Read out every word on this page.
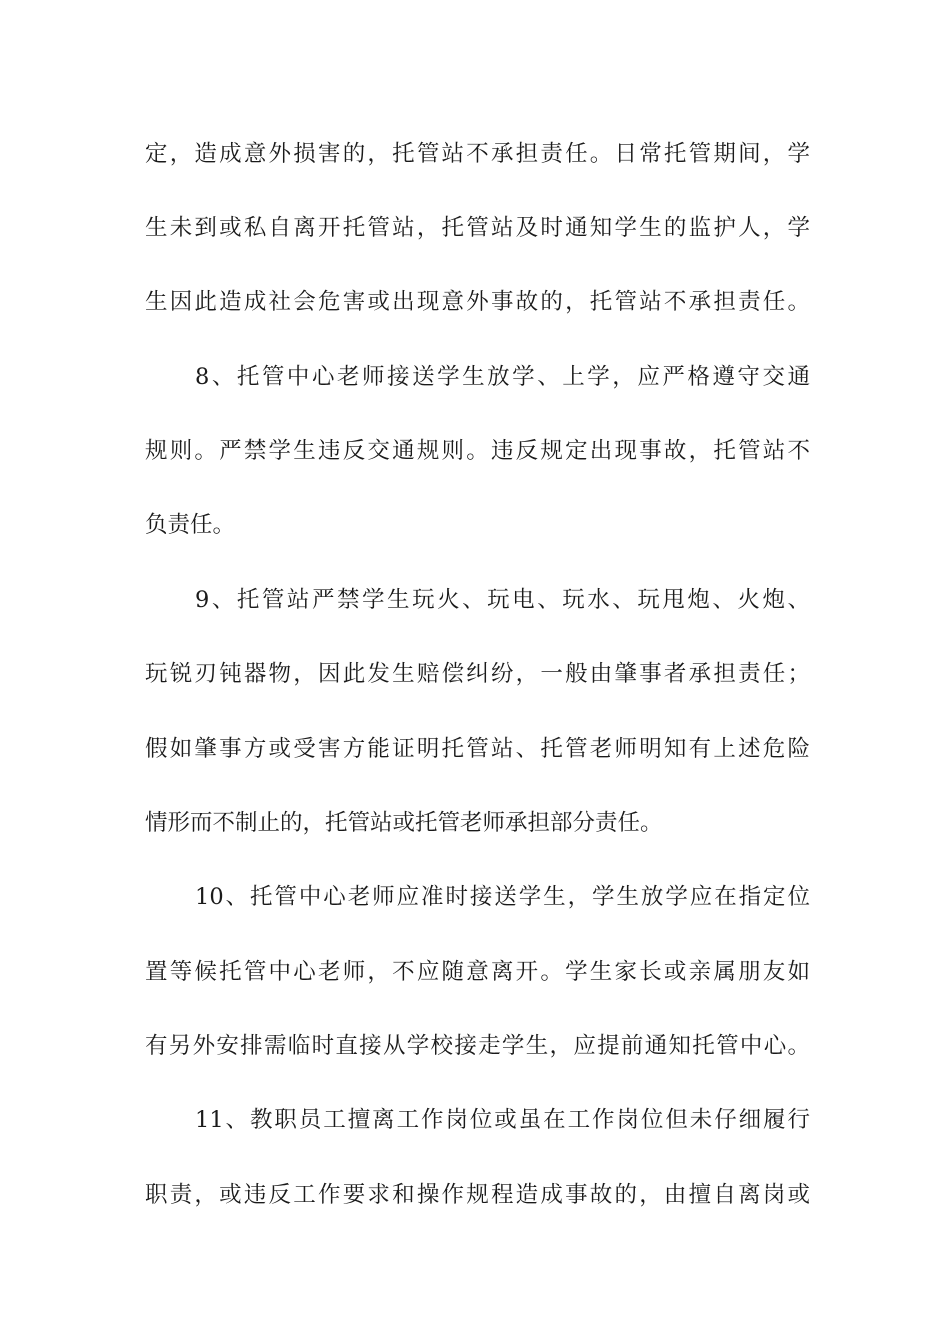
定，造成意外损害的，托管站不承担责任。日常托管期间，学
生未到或私自离开托管站，托管站及时通知学生的监护人，学
生因此造成社会危害或出现意外事故的，托管站不承担责任。
8、托管中心老师接送学生放学、上学，应严格遵守交通
规则。严禁学生违反交通规则。违反规定出现事故，托管站不
负责任。
9、托管站严禁学生玩火、玩电、玩水、玩甩炮、火炮、
玩锐刃钝器物，因此发生赔偿纠纷，一般由肇事者承担责任；
假如肇事方或受害方能证明托管站、托管老师明知有上述危险
情形而不制止的，托管站或托管老师承担部分责任。
10、托管中心老师应准时接送学生，学生放学应在指定位
置等候托管中心老师，不应随意离开。学生家长或亲属朋友如
有另外安排需临时直接从学校接走学生，应提前通知托管中心。
11、教职员工擅离工作岗位或虽在工作岗位但未仔细履行
职责，或违反工作要求和操作规程造成事故的，由擅自离岗或
